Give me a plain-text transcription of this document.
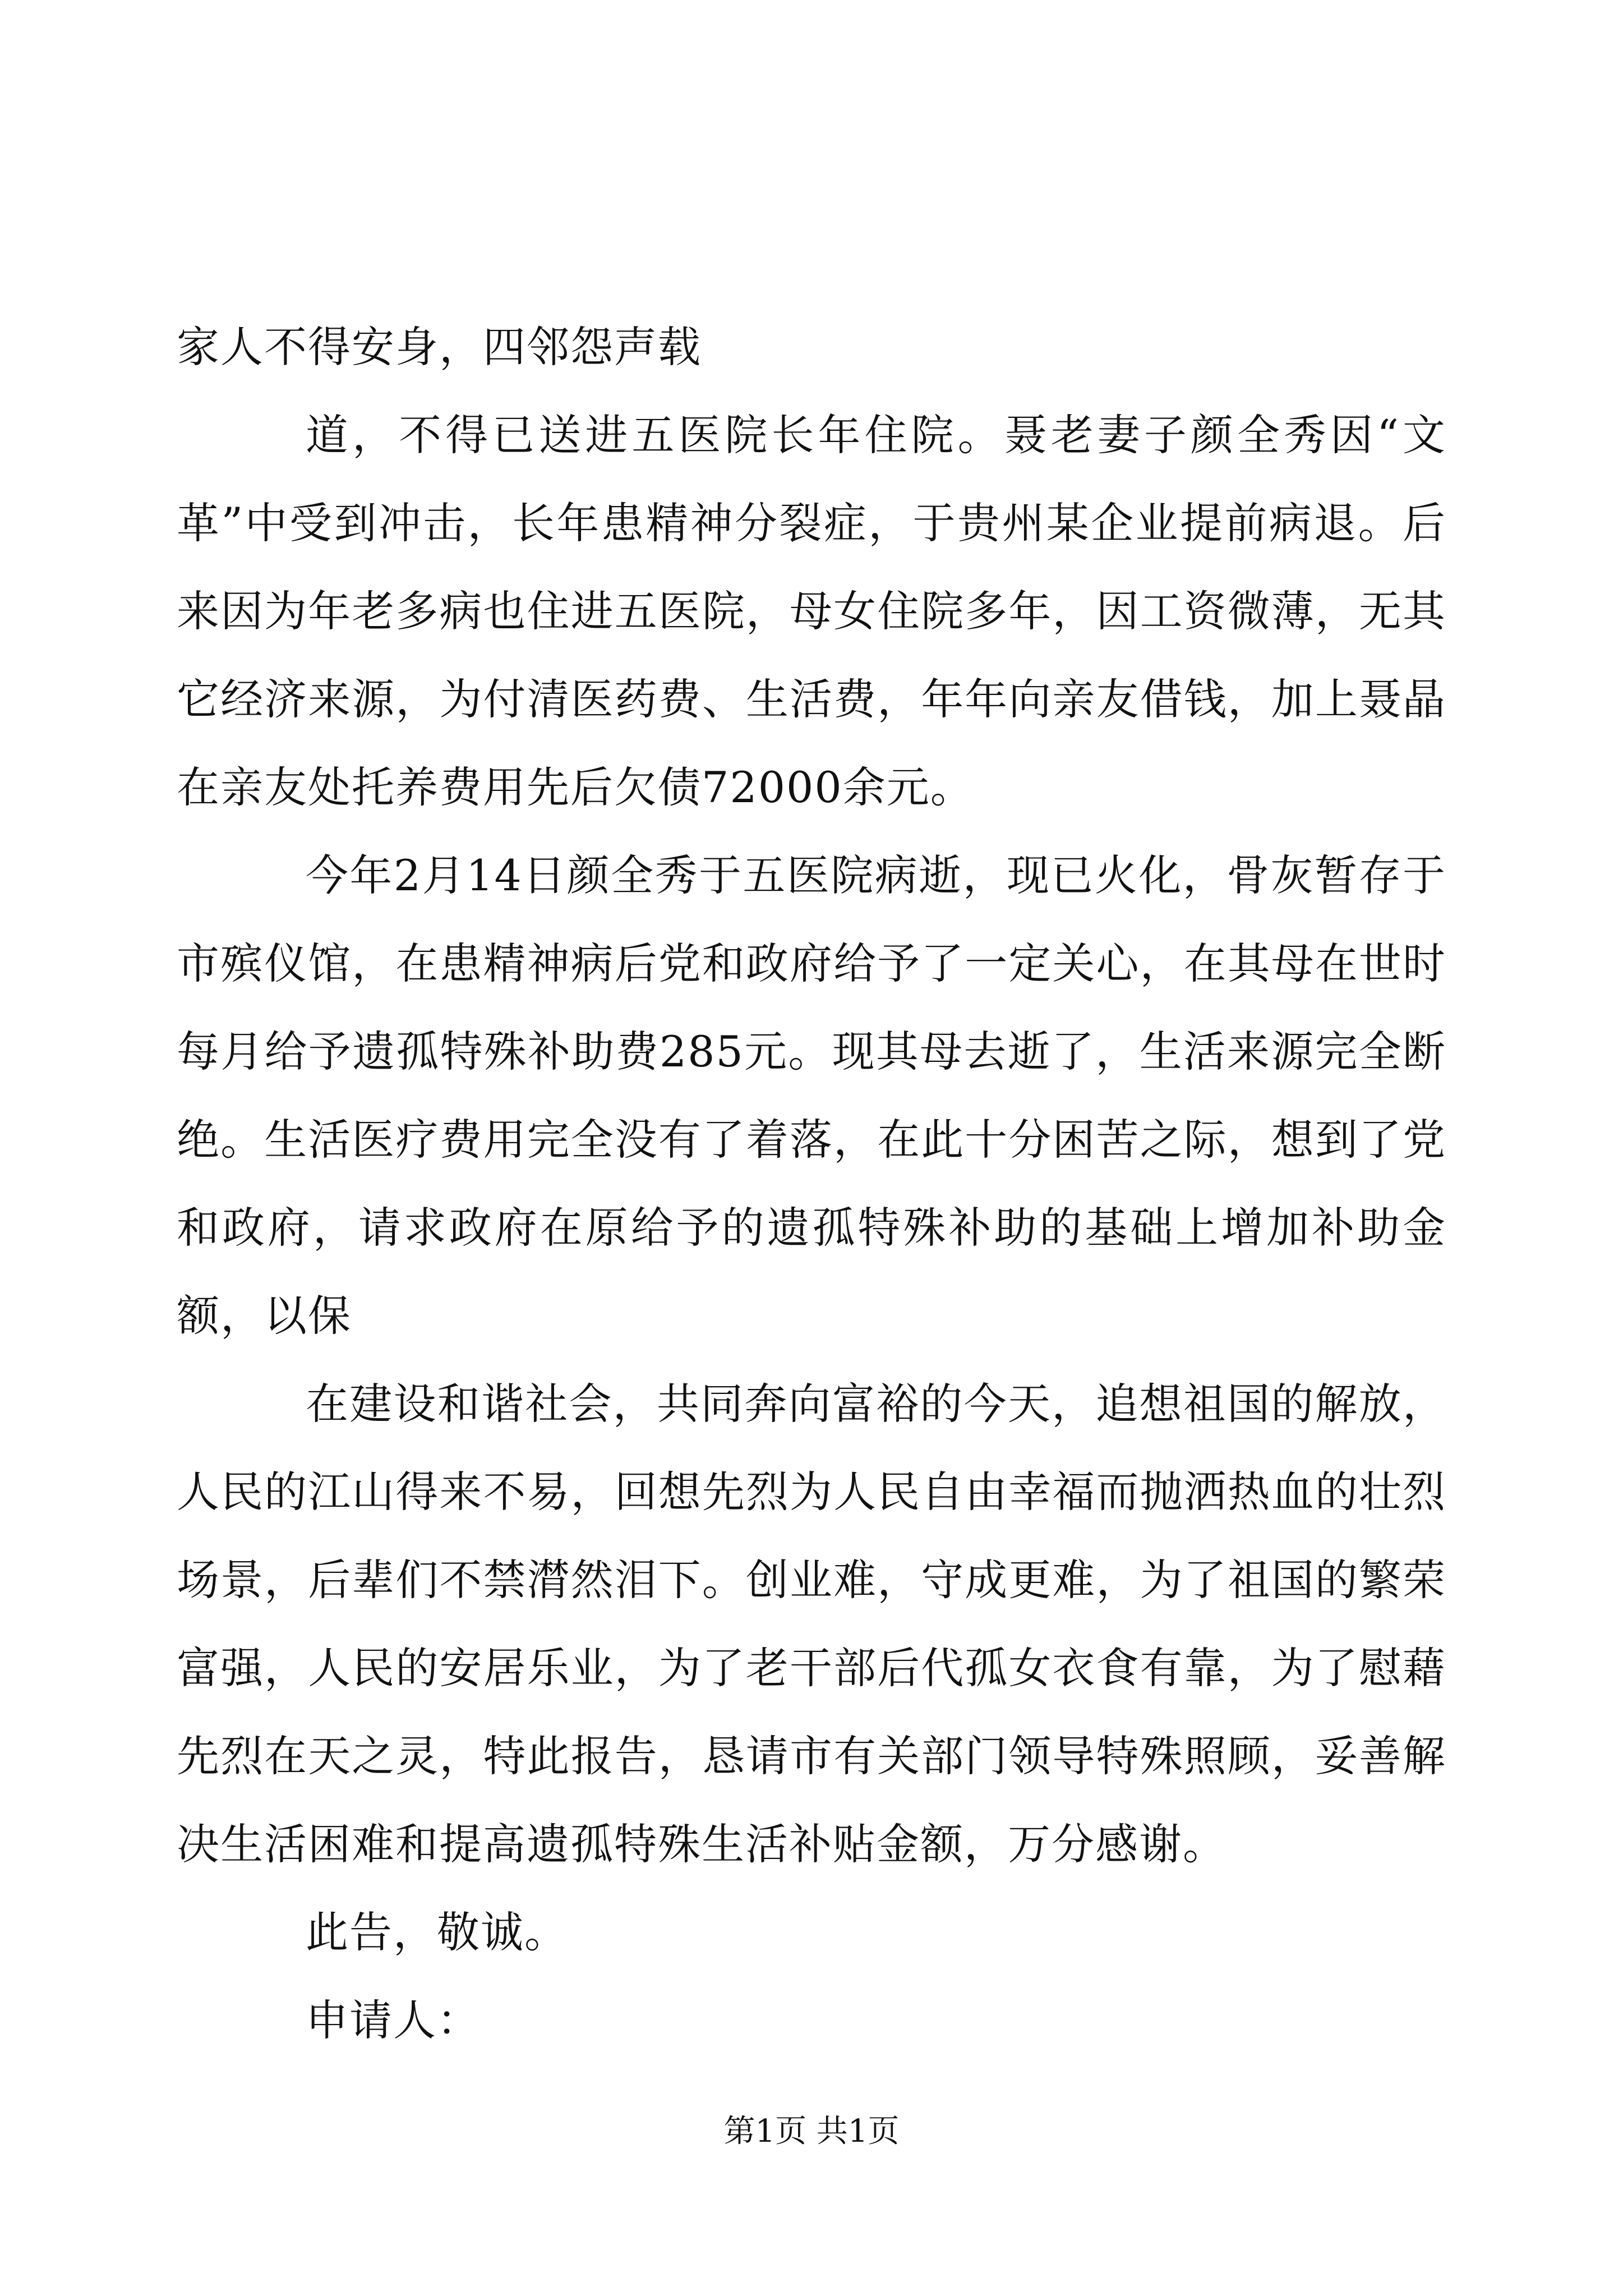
家人不得安身，四邻怨声载

道，不得已送进五医院长年住院。聂老妻子颜全秀因“文革”中受到冲击，长年患精神分裂症，于贵州某企业提前病退。后来因为年老多病也住进五医院，母女住院多年，因工资微薄，无其它经济来源，为付清医药费、生活费，年年向亲友借钱，加上聂晶在亲友处托养费用先后欠债72000余元。

今年2月14日颜全秀于五医院病逝，现已火化，骨灰暂存于市殡仪馆，在患精神病后党和政府给予了一定关心，在其母在世时每月给予遗孤特殊补助费285元。现其母去逝了，生活来源完全断绝。生活医疗费用完全没有了着落，在此十分困苦之际，想到了党和政府，请求政府在原给予的遗孤特殊补助的基础上增加补助金额，以保

在建设和谐社会，共同奔向富裕的今天，追想祖国的解放，人民的江山得来不易，回想先烈为人民自由幸福而抛洒热血的壮烈场景，后辈们不禁潸然泪下。创业难，守成更难，为了祖国的繁荣富强，人民的安居乐业，为了老干部后代孤女衣食有靠，为了慰藉先烈在天之灵，特此报告，恳请市有关部门领导特殊照顾，妥善解决生活困难和提高遗孤特殊生活补贴金额，万分感谢。

此告，敬诚。

申请人：

第1页 共1页
